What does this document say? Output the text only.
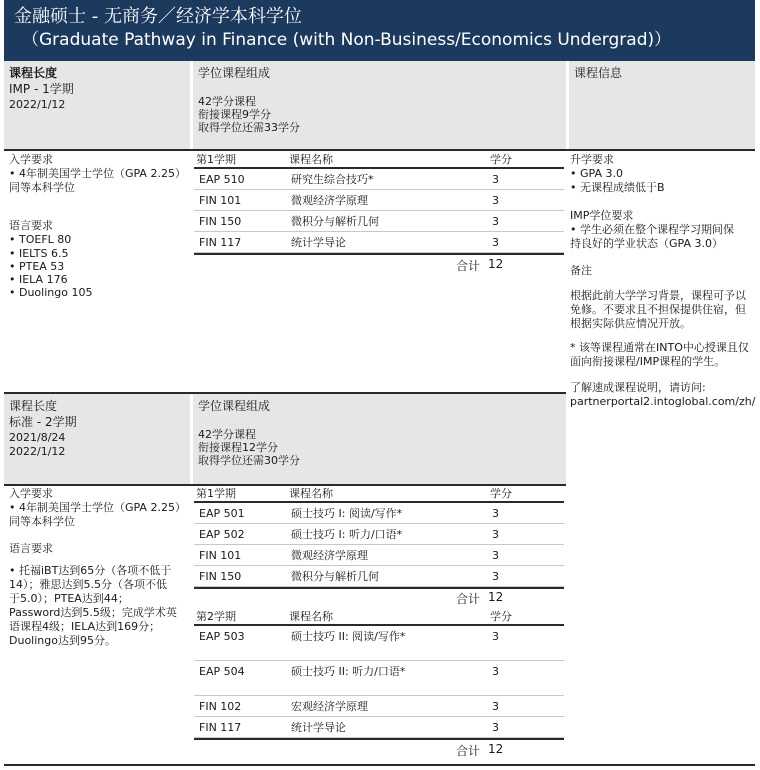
金融硕士 - 无商务／经济学本科学位
（Graduate Pathway in Finance (with Non-Business/Economics Undergrad)）
课程长度
IMP - 1学期
2022/1/12
学位课程组成
42学分课程
衔接课程9学分
取得学位还需33学分
课程信息
入学要求
• 4年制美国学士学位（GPA 2.25）
同等本科学位
语言要求
• TOEFL 80
• IELTS 6.5
• PTEA 53
• IELA 176
• Duolingo 105
第1学期	课程名称	学分
EAP 510	研究生综合技巧*	3
FIN 101	微观经济学原理	3
FIN 150	微积分与解析几何	3
FIN 117	统计学导论	3
合计 12
升学要求
• GPA 3.0
• 无课程成绩低于B
IMP学位要求
• 学生必须在整个课程学习期间保
持良好的学业状态（GPA 3.0）
备注
根据此前大学学习背景，课程可予以
免修。不要求且不担保提供住宿，但
根据实际供应情况开放。
* 该等课程通常在INTO中心授课且仅
面向衔接课程/IMP课程的学生。
了解速成课程说明，请访问:
partnerportal2.intoglobal.com/zh/
课程长度
标准 - 2学期
2021/8/24
2022/1/12
学位课程组成
42学分课程
衔接课程12学分
取得学位还需30学分
入学要求
• 4年制美国学士学位（GPA 2.25）
同等本科学位
语言要求
• 托福iBT达到65分（各项不低于
14）；雅思达到5.5分（各项不低
于5.0）；PTEA达到44；
Password达到5.5级；完成学术英
语课程4级；IELA达到169分；
Duolingo达到95分。
第1学期	课程名称	学分
EAP 501	硕士技巧 I: 阅读/写作*	3
EAP 502	硕士技巧 I: 听力/口语*	3
FIN 101	微观经济学原理	3
FIN 150	微积分与解析几何	3
合计 12
第2学期	课程名称	学分
EAP 503	硕士技巧 II: 阅读/写作*	3
EAP 504	硕士技巧 II: 听力/口语*	3
FIN 102	宏观经济学原理	3
FIN 117	统计学导论	3
合计 12
